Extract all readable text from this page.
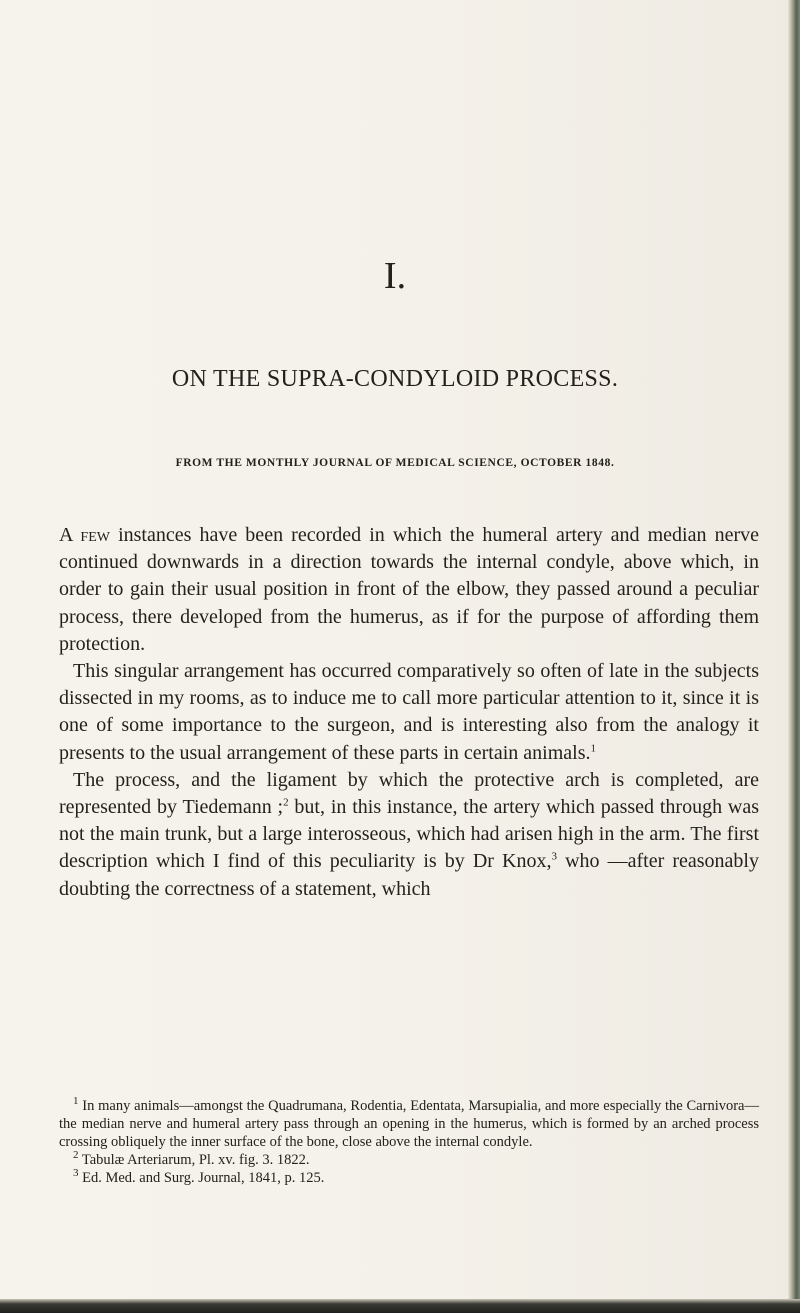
I.
ON THE SUPRA-CONDYLOID PROCESS.
FROM THE MONTHLY JOURNAL OF MEDICAL SCIENCE, OCTOBER 1848.

A few instances have been recorded in which the humeral artery and median nerve continued downwards in a direction towards the internal condyle, above which, in order to gain their usual position in front of the elbow, they passed around a peculiar process, there developed from the humerus, as if for the purpose of affording them protection.

This singular arrangement has occurred comparatively so often of late in the subjects dissected in my rooms, as to induce me to call more particular attention to it, since it is one of some importance to the surgeon, and is interesting also from the analogy it presents to the usual arrangement of these parts in certain animals.$^1$

The process, and the ligament by which the protective arch is completed, are represented by Tiedemann ;$^2$ but, in this instance, the artery which passed through was not the main trunk, but a large interosseous, which had arisen high in the arm. The first description which I find of this peculiarity is by Dr Knox,$^3$ who —after reasonably doubting the correctness of a statement, which

$^1$ In many animals—amongst the Quadrumana, Rodentia, Edentata, Marsupialia, and more especially the Carnivora—the median nerve and humeral artery pass through an opening in the humerus, which is formed by an arched process crossing obliquely the inner surface of the bone, close above the internal condyle.

$^2$ Tabulæ Arteriarum, Pl. xv. fig. 3. 1822.

$^3$ Ed. Med. and Surg. Journal, 1841, p. 125.
